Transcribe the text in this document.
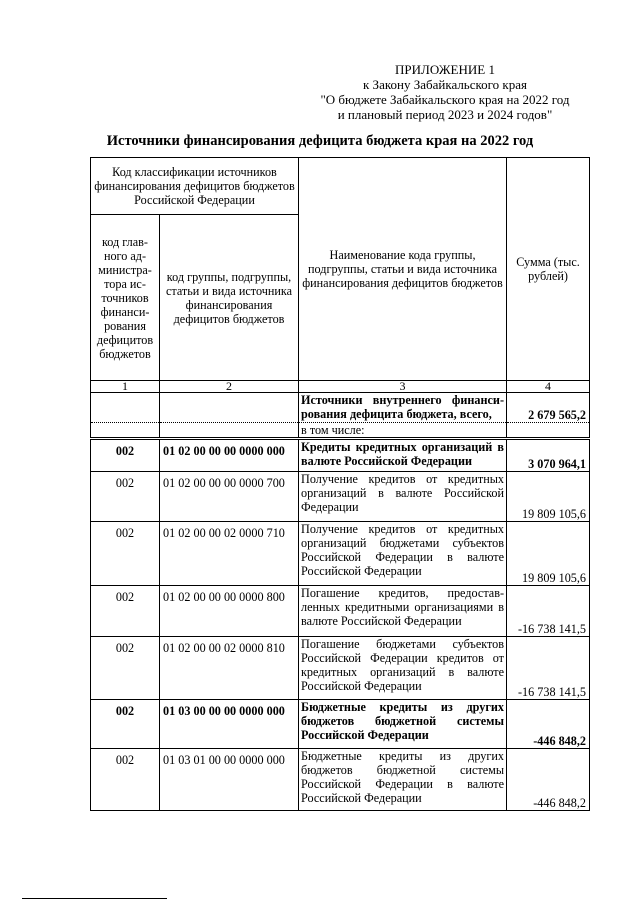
ПРИЛОЖЕНИЕ 1
к Закону Забайкальского края
"О бюджете Забайкальского края на 2022 год
и плановый период 2023 и 2024 годов"
Источники финансирования дефицита бюджета края на 2022 год
Код классификации источников финансирования дефицитов бюджетов Российской Федерации		Наименование кода группы, подгруппы, статьи и вида источника финансирования дефицитов бюджетов	Сумма (тыс. рублей)
код глав-ного ад-министра-тора ис-точников финанси-рования дефицитов бюджетов	код группы, подгруппы, статьи и вида источника финансирования дефицитов бюджетов		
1	2	3	4
		Источники внутреннего финанси-рования дефицита бюджета, всего,	2 679 565,2
		в том числе:	
002	01 02 00 00 00 0000 000	Кредиты кредитных организаций в валюте Российской Федерации	3 070 964,1
002	01 02 00 00 00 0000 700	Получение кредитов от кредитных организаций в валюте Российской Федерации	19 809 105,6
002	01 02 00 00 02 0000 710	Получение кредитов от кредитных организаций бюджетами субъектов Российской Федерации в валюте Российской Федерации	19 809 105,6
002	01 02 00 00 00 0000 800	Погашение кредитов, предостав-ленных кредитными организациями в валюте Российской Федерации	-16 738 141,5
002	01 02 00 00 02 0000 810	Погашение бюджетами субъектов Российской Федерации кредитов от кредитных организаций в валюте Российской Федерации	-16 738 141,5
002	01 03 00 00 00 0000 000	Бюджетные кредиты из других бюджетов бюджетной системы Российской Федерации	-446 848,2
002	01 03 01 00 00 0000 000	Бюджетные кредиты из других бюджетов бюджетной системы Российской Федерации в валюте Российской Федерации	-446 848,2
